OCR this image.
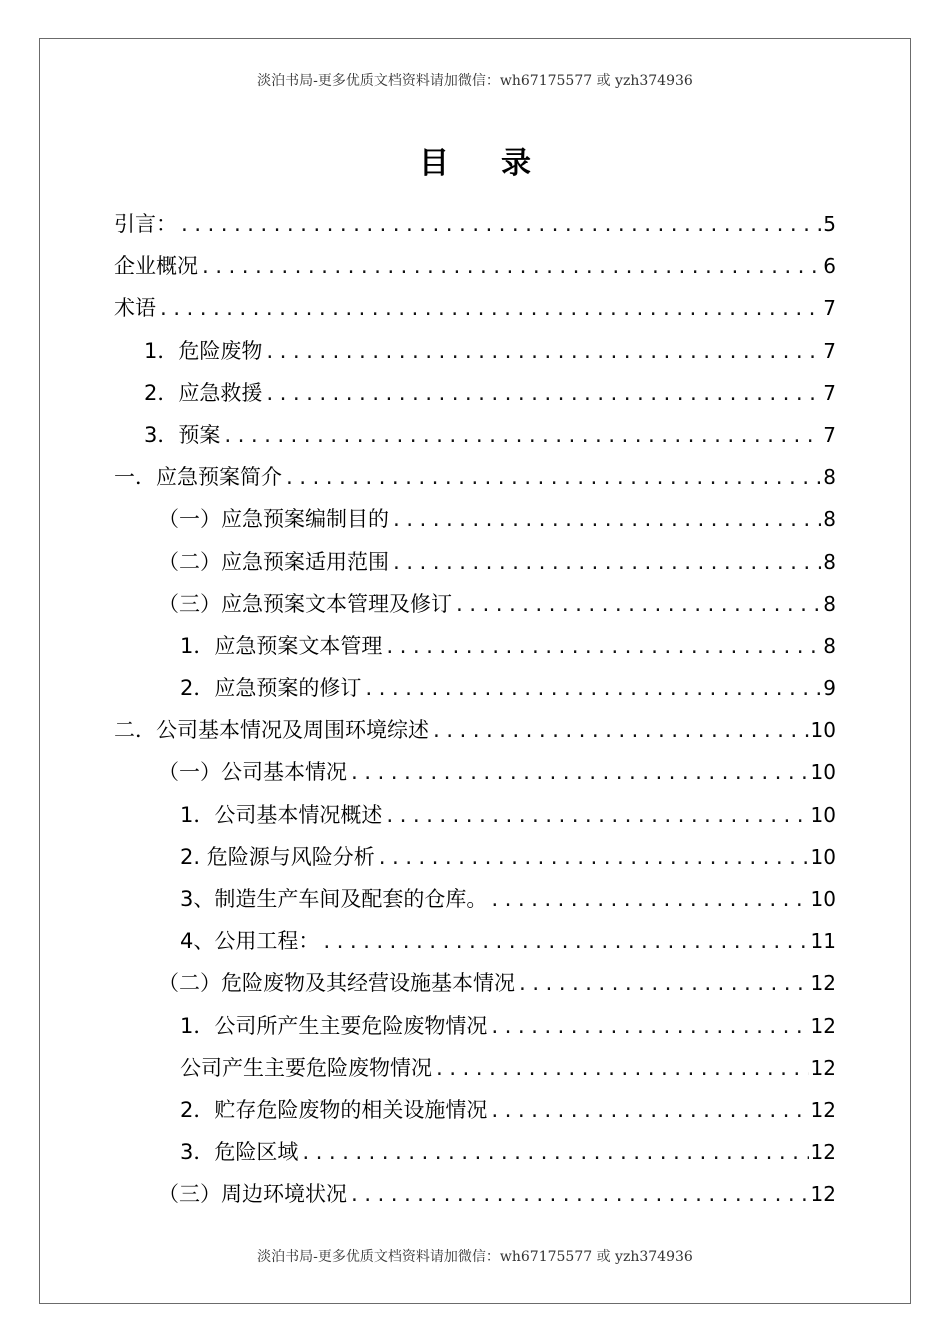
淡泊书局-更多优质文档资料请加微信：wh67175577 或 yzh374936
目录
引言： .....	5
企业概况 .....	6
术语 .....	7
1．危险废物 .....	7
2．应急救援 .....	7
3．预案 .....	7
一．应急预案简介 .....	8
（一）应急预案编制目的 .....	8
（二）应急预案适用范围 .....	8
（三）应急预案文本管理及修订 .....	8
1．应急预案文本管理 .....	8
2．应急预案的修订 .....	9
二．公司基本情况及周围环境综述 .....	10
（一）公司基本情况 .....	10
1．公司基本情况概述 .....	10
2. 危险源与风险分析 .....	10
3、制造生产车间及配套的仓库。 .....	10
4、公用工程： .....	11
（二）危险废物及其经营设施基本情况 .....	12
1．公司所产生主要危险废物情况 .....	12
公司产生主要危险废物情况 .....	12
2．贮存危险废物的相关设施情况 .....	12
3．危险区域 .....	12
（三）周边环境状况 .....	12
淡泊书局-更多优质文档资料请加微信：wh67175577 或 yzh374936
